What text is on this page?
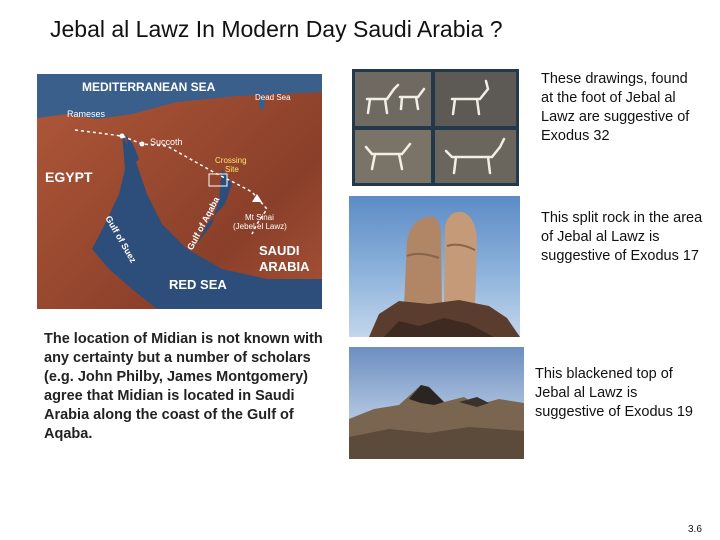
Jebal al Lawz In Modern Day Saudi Arabia ?
MEDITERRANEAN SEA
Dead Sea
Rameses
Succoth
Crossing
Site
EGYPT
Gulf of Suez	Gulf of Aqaba	Mt Sinai
(Jebel el Lawz)
SAUDI
ARABIA
RED SEA
The location of Midian is not known with any certainty but a number of scholars (e.g. John Philby, James Montgomery) agree that Midian is located in Saudi Arabia along the coast of the Gulf of Aqaba.
These drawings, found at the foot of Jebal al Lawz are suggestive of Exodus 32
This split rock in the area of Jebal al Lawz is suggestive of Exodus 17
This blackened top of Jebal al Lawz is suggestive of Exodus 19
3.6
